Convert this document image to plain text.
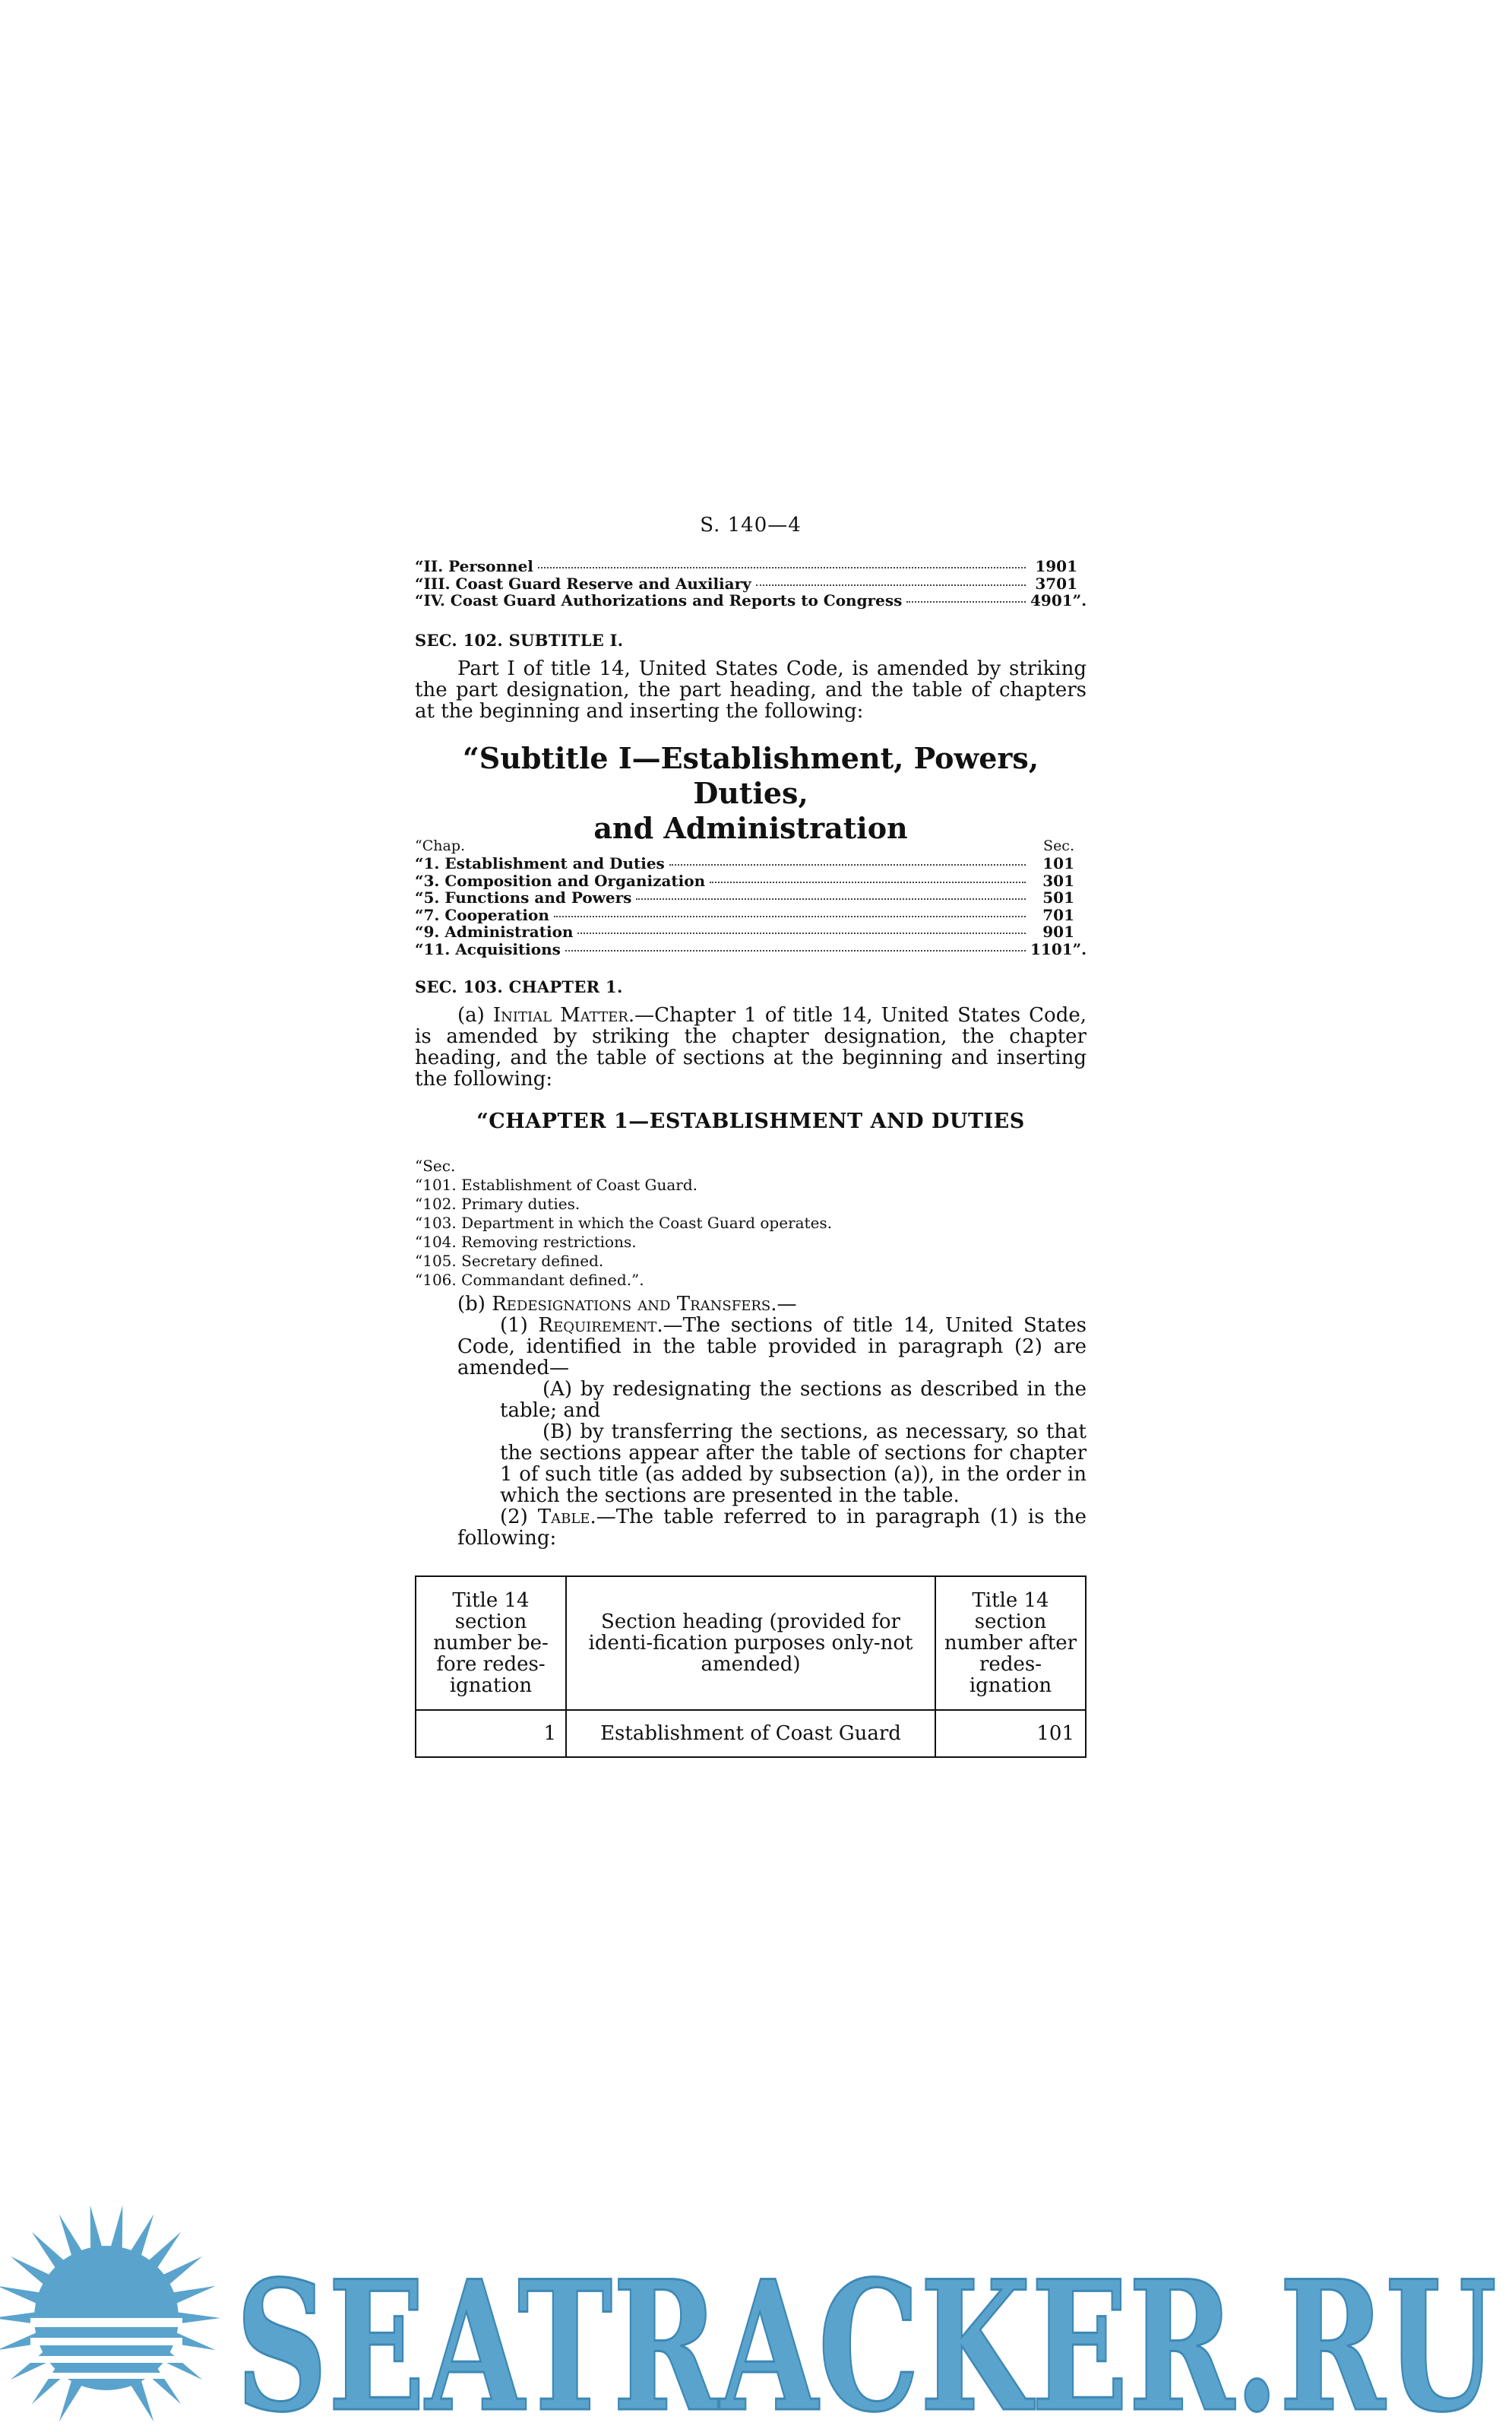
S. 140—4
“II. Personnel	1901
“III. Coast Guard Reserve and Auxiliary	3701
“IV. Coast Guard Authorizations and Reports to Congress	4901”.
SEC. 102. SUBTITLE I.
Part I of title 14, United States Code, is amended by striking the part designation, the part heading, and the table of chapters at the beginning and inserting the following:
“Subtitle I—Establishment, Powers, Duties,
and Administration
“Chap.	Sec.
“1. Establishment and Duties	101
“3. Composition and Organization	301
“5. Functions and Powers	501
“7. Cooperation	701
“9. Administration	901
“11. Acquisitions	1101”.
SEC. 103. CHAPTER 1.
(a) Initial Matter.—Chapter 1 of title 14, United States Code, is amended by striking the chapter designation, the chapter heading, and the table of sections at the beginning and inserting the following:
“CHAPTER 1—ESTABLISHMENT AND DUTIES
“Sec.
“101. Establishment of Coast Guard.
“102. Primary duties.
“103. Department in which the Coast Guard operates.
“104. Removing restrictions.
“105. Secretary defined.
“106. Commandant defined.”.
(b) Redesignations and Transfers.—
(1) Requirement.—The sections of title 14, United States Code, identified in the table provided in paragraph (2) are amended—
(A) by redesignating the sections as described in the table; and
(B) by transferring the sections, as necessary, so that the sections appear after the table of sections for chapter 1 of such title (as added by subsection (a)), in the order in which the sections are presented in the table.
(2) Table.—The table referred to in paragraph (1) is the following:
Title 14 section number be-fore redes-ignation	Section heading (provided for identi-fication purposes only-not amended)	Title 14 section number after redes-ignation
1	Establishment of Coast Guard	101
SEATRACKER.RU
